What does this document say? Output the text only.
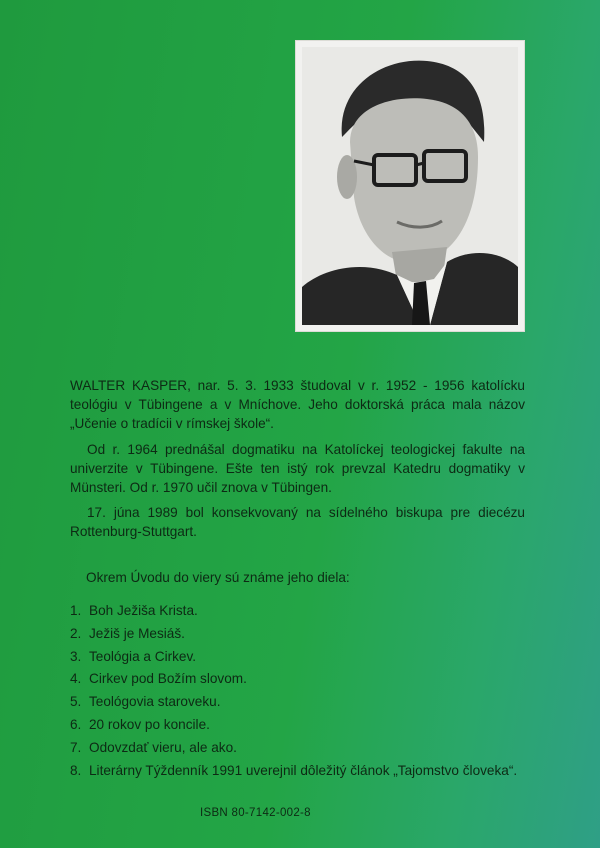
WALTER KASPER, nar. 5. 3. 1933 študoval v r. 1952 - 1956 katolícku teológiu v Tübingene a v Mníchove. Jeho doktorská práca mala názov „Učenie o tradícii v rímskej škole“.

Od r. 1964 prednášal dogmatiku na Katolíckej teologickej fakulte na univerzite v Tübingene. Ešte ten istý rok prevzal Katedru dogmatiky v Münsteri. Od r. 1970 učil znova v Tübingen.

17. júna 1989 bol konsekvovaný na sídelného biskupa pre diecézu Rottenburg-Stuttgart.

Okrem Úvodu do viery sú známe jeho diela:
1. Boh Ježiša Krista.
2. Ježiš je Mesiáš.
3. Teológia a Cirkev.
4. Cirkev pod Božím slovom.
5. Teológovia staroveku.
6. 20 rokov po koncile.
7. Odovzdať vieru, ale ako.
8. Literárny Týždenník 1991 uverejnil dôležitý článok „Tajomstvo človeka“.
ISBN 80-7142-002-8
